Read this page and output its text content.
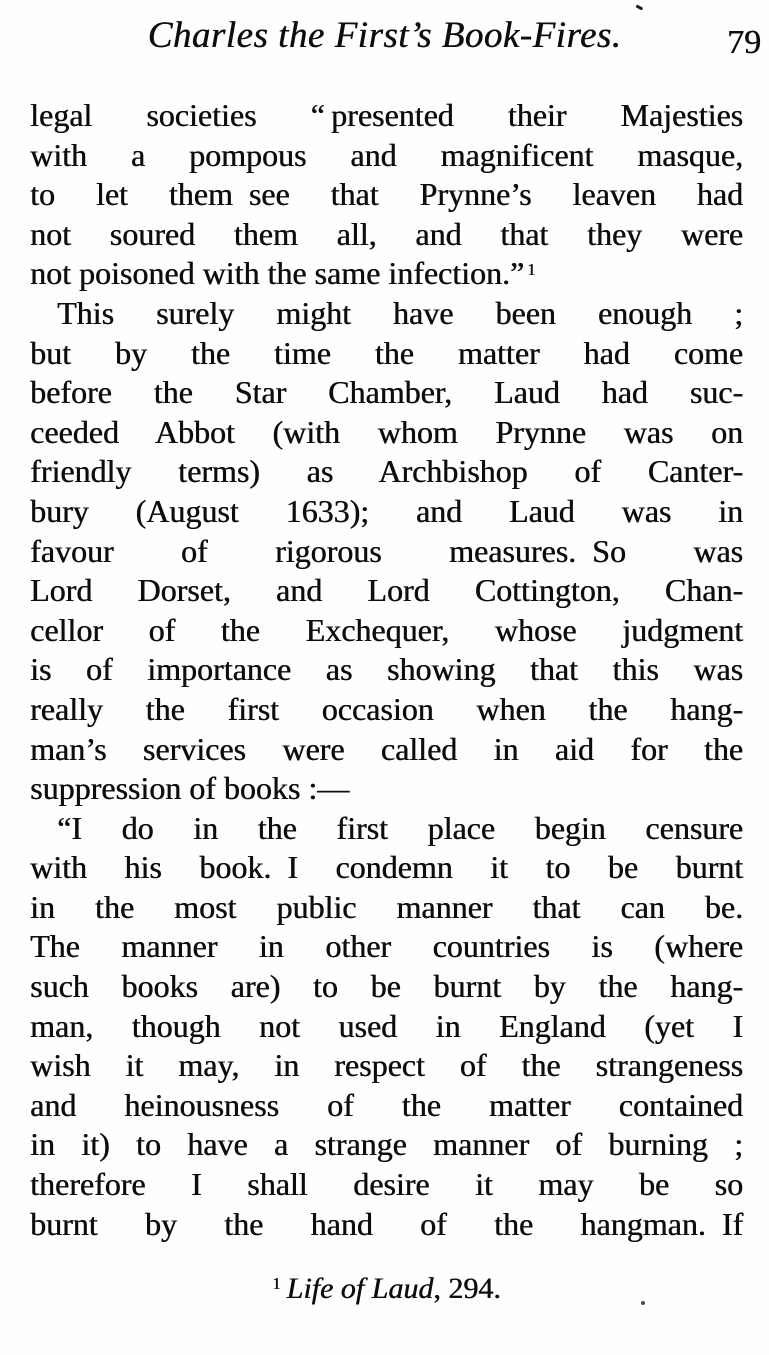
Charles the First’s Book-Fires.	79
legal societies “ presented their Majesties
with a pompous and magnificent masque,
to let them see that Prynne’s leaven had
not soured them all, and that they were
not poisoned with the same infection.” $^1$
This surely might have been enough ;
but by the time the matter had come
before the Star Chamber, Laud had suc-
ceeded Abbot (with whom Prynne was on
friendly terms) as Archbishop of Canter-
bury (August 1633); and Laud was in
favour of rigorous measures. So was
Lord Dorset, and Lord Cottington, Chan-
cellor of the Exchequer, whose judgment
is of importance as showing that this was
really the first occasion when the hang-
man’s services were called in aid for the
suppression of books :—
“I do in the first place begin censure
with his book. I condemn it to be burnt
in the most public manner that can be.
The manner in other countries is (where
such books are) to be burnt by the hang-
man, though not used in England (yet I
wish it may, in respect of the strangeness
and heinousness of the matter contained
in it) to have a strange manner of burning ;
therefore I shall desire it may be so
burnt by the hand of the hangman. If
$^1$ Life of Laud, 294.
